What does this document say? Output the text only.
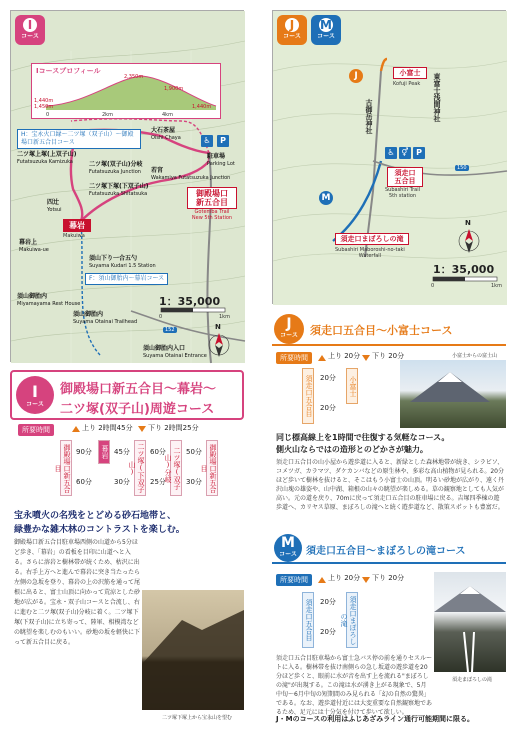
I
コース
Iコースプロフィール
2,350m
1,900m
1,440m
1,450m	1,440m
0	2km	4km
H：宝永火口縁～二ツ塚（双子山）～御殿場口新五合目コース
大石茶屋
Oishi Chaya	♿	P
駐車場
Parking Lot
二ツ塚上塚(上双子山)
Futatsuzuka Kamizuka	二ツ塚(双子山)分岐
Futatsuzuka Junction 若宮
Wakamiya Futatsuzuka Junction
二ツ塚下塚(下双子山)
Futatsuzuka Shitatsuka
四辻
Yotsui
御殿場口
新五合目
Gotemba Trail
New 5th Station
幕岩
Makuiwa
幕岩上
Makuiwa-ue
須山下り一合五勺
Suyama Kudari 1.5 Station
F：須山御胎内～幕岩コース
須山御胎内
Miyamayama Rest House
須山御胎内
Suyama Otainai Trailhead
須山御胎内入口
Suyama Otainai Entrance
1：35,000
0	1km
152	N
I
コース
御殿場口新五合目～幕岩～
二ツ塚(双子山)周遊コース
所要時間	上り 2時間45分 下り 2時間25分
御殿場口新五合目
90分
60分
幕岩 45分
30分	二ツ塚(下双子山)
60分
25分	二ツ塚(双子山)分岐
50分
30分	御殿場口新五合目
宝永噴火の名残をとどめる砂石地帯と、
緑豊かな雑木林のコントラストを楽しむ。
御殿場口新五合目駐車場西側の山道から5分ほど歩き、「幕岩」の看板を目印に山道へと入る。さらに溶岩と樹林帯が続くため、枯沢に出る。右手上方へと進んで幕岩に突き当たったら左側の急坂を登り、幕岩の上の沢筋を通って尾根に出ると、富士山頂に向かって荒涼とした砂地が広がる。宝永・双子山コースと合流し、右に進むと二ツ塚(双子山)分岐に着く。二ツ塚下塚(下双子山)に立ち寄って、陸軍、相模湾などの眺望を楽しむのもいい。砂地の坂を軽快に下って新五合目に戻る。
二ツ塚下塚上から宝永山を望む
J
コース
M
コース
J
M
小富士
Kofuji Peak
古御岳神社	東富士浅間神社
♿ ⚥ P
須走口
五合目
Subashiri Trail
5th station
須走口まぼろしの滝
Subashiri Maboroshi-no-taki
Waterfall
1：35,000
0	1km
150
N
J
コース	須走口五合目～小富士コース
所要時間	上り 20分 下り 20分
須走口五合目 20分
20分
小富士
小富士からの富士山
同じ標高線上を1時間で往復する気軽なコース。
側火山ならではの造形とのどかさが魅力。
須走口五合目の山小屋から遊歩道に入ると、新緑とした森林地帯が続き、シラビソ、コメツガ、カラマツ、ダケカンバなどの原生林や、多彩な高山植物が見られる。20分ほど歩いて樹林を抜けると、そこはもう小富士の山頂。明るい砂地が広がり、遠く丹沢山塊の雄姿や、山中湖、箱根の山々の眺望が楽しめる。草の観察地としても人気が高い。元の道を戻り、70mに戻って須走口五合目の駐車場に戻る。吉塚四季棟の遊歩道へ、カリヤス草原、まぼろしの滝へと続く遊歩道など、散策スポットも豊富だ。
M
コース 須走口五合目～まぼろしの滝コース
所要時間	上り 20分 下り 20分
須走口五合目 20分
20分	須走口まぼろしの滝
須走まぼろしの滝
須走口五合目駐車場から富士急バス停の前を通りセスルートに入る。樹林帯を抜け南側らの急し坂道の遊歩道を20分ほど歩くと、眼前に水が音を出す上を流れる"まぼろしの滝"が出現する。この滝は水が湧き上がる現象で、5月中旬～6月中旬の短期間のみ見られる「幻の自然の驚異」である。なお、遊歩道付近には大変重要な自然観察地であるため、足元には十分気を付けて歩いて欲しい。
J・Mのコースの利用はふじあざみライン通行可能期間に限る。
